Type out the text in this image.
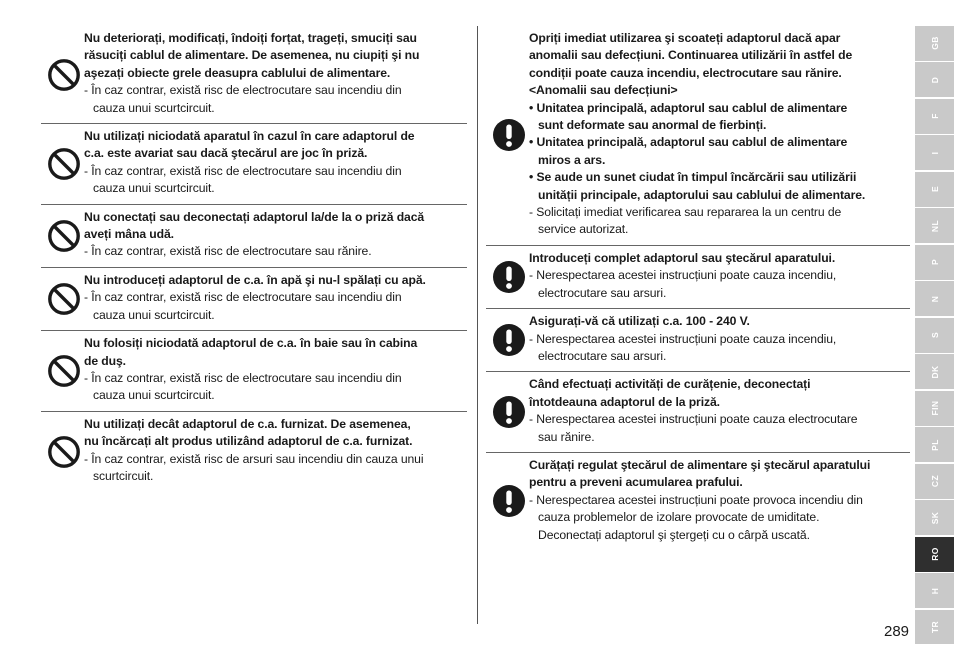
Nu deteriorați, modificați, îndoiți forțat, trageți, smuciți sau

răsuciți cablul de alimentare. De asemenea, nu ciupiți şi nu

aşezați obiecte grele deasupra cablului de alimentare.

- În caz contrar, există risc de electrocutare sau incendiu din

cauza unui scurtcircuit.

Nu utilizați niciodată aparatul în cazul în care adaptorul de

c.a. este avariat sau dacă ştecărul are joc în priză.

- În caz contrar, există risc de electrocutare sau incendiu din

cauza unui scurtcircuit.

Nu conectați sau deconectați adaptorul la/de la o priză dacă

aveți mâna udă.

- În caz contrar, există risc de electrocutare sau rănire.

Nu introduceți adaptorul de c.a. în apă şi nu-l spălați cu apă.

- În caz contrar, există risc de electrocutare sau incendiu din

cauza unui scurtcircuit.

Nu folosiți niciodată adaptorul de c.a. în baie sau în cabina

de duş.

- În caz contrar, există risc de electrocutare sau incendiu din

cauza unui scurtcircuit.

Nu utilizați decât adaptorul de c.a. furnizat. De asemenea,

nu încărcați alt produs utilizând adaptorul de c.a. furnizat.

- În caz contrar, există risc de arsuri sau incendiu din cauza unui

scurtcircuit.

Opriți imediat utilizarea şi scoateți adaptorul dacă apar

anomalii sau defecțiuni. Continuarea utilizării în astfel de

condiții poate cauza incendiu, electrocutare sau rănire.

<Anomalii sau defecțiuni>

• Unitatea principală, adaptorul sau cablul de alimentare

sunt deformate sau anormal de fierbinți.

• Unitatea principală, adaptorul sau cablul de alimentare

miros a ars.

• Se aude un sunet ciudat în timpul încărcării sau utilizării

unității principale, adaptorului sau cablului de alimentare.

- Solicitați imediat verificarea sau repararea la un centru de

service autorizat.

Introduceți complet adaptorul sau ştecărul aparatului.

- Nerespectarea acestei instrucțiuni poate cauza incendiu,

electrocutare sau arsuri.

Asigurați-vă că utilizați c.a. 100 - 240 V.

- Nerespectarea acestei instrucțiuni poate cauza incendiu,

electrocutare sau arsuri.

Când efectuați activități de curățenie, deconectați

întotdeauna adaptorul de la priză.

- Nerespectarea acestei instrucțiuni poate cauza electrocutare

sau rănire.

Curățați regulat ştecărul de alimentare şi ştecărul aparatului

pentru a preveni acumularea prafului.

- Nerespectarea acestei instrucțiuni poate provoca incendiu din

cauza problemelor de izolare provocate de umiditate.

Deconectați adaptorul şi ştergeți cu o cârpă uscată.

GB
D
F
I
E
NL
P
N
S
DK
FIN
PL
CZ
SK
RO
H
TR
289
